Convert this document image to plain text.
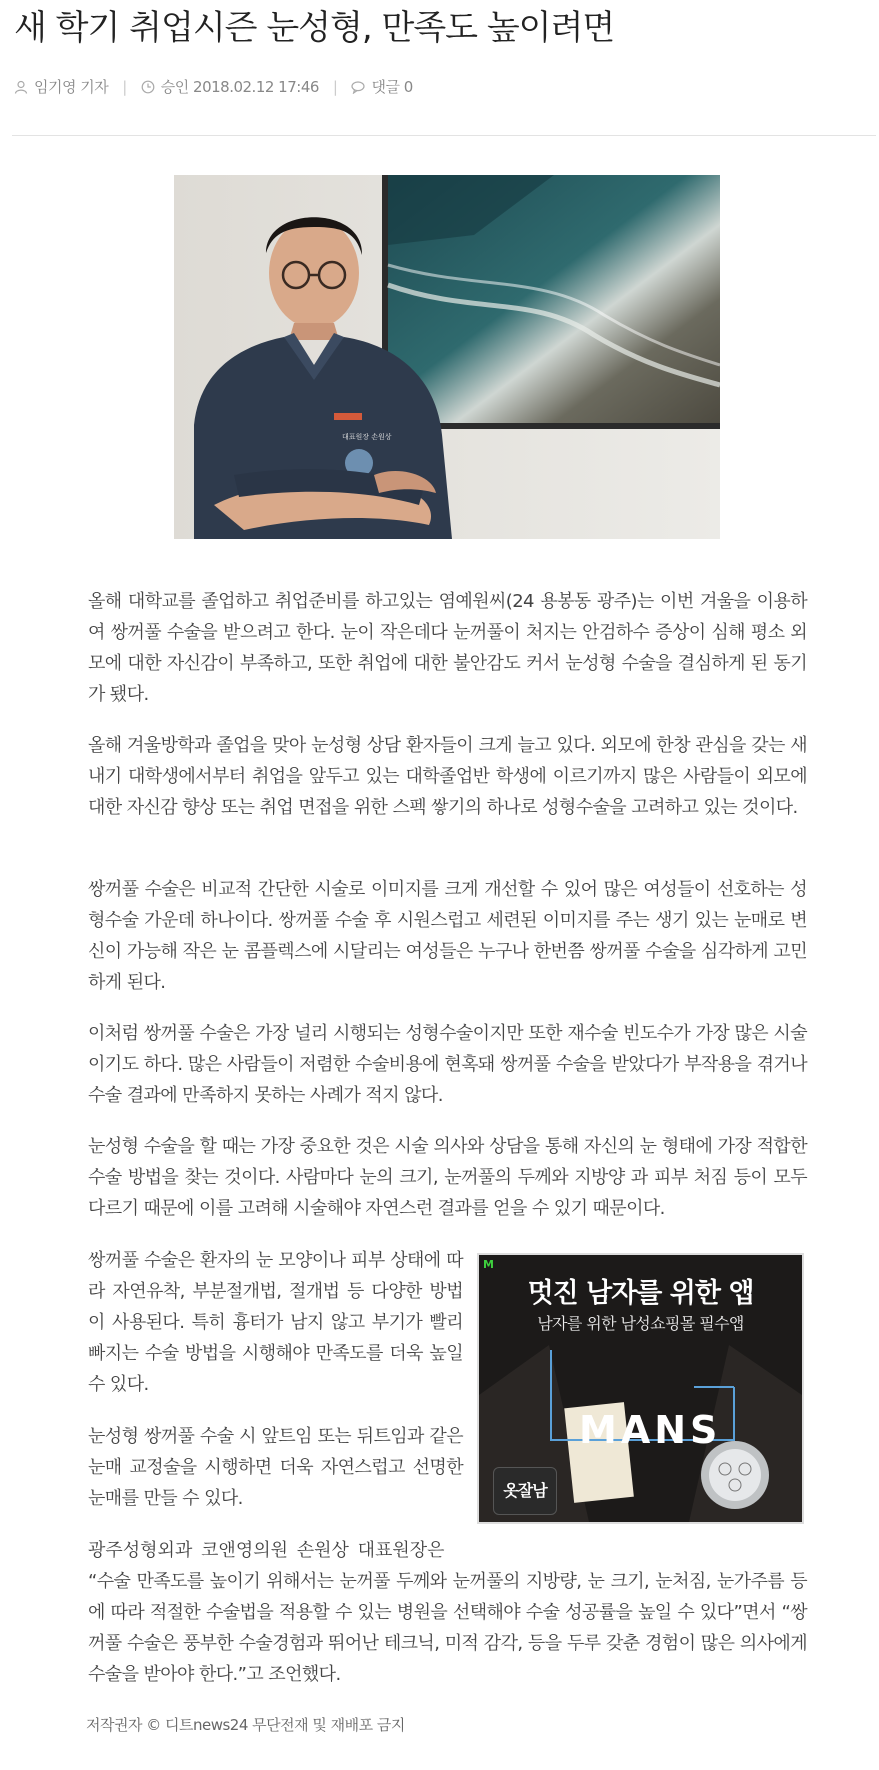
새 학기 취업시즌 눈성형, 만족도 높이려면
임기영 기자 | 승인 2018.02.12 17:46 | 댓글 0
대표원장 손원상

올해 대학교를 졸업하고 취업준비를 하고있는 염예원씨(24 용봉동 광주)는 이번 겨울을 이용하여 쌍꺼풀 수술을 받으려고 한다. 눈이 작은데다 눈꺼풀이 처지는 안검하수 증상이 심해 평소 외모에 대한 자신감이 부족하고, 또한 취업에 대한 불안감도 커서 눈성형 수술을 결심하게 된 동기가 됐다.

올해 겨울방학과 졸업을 맞아 눈성형 상담 환자들이 크게 늘고 있다. 외모에 한창 관심을 갖는 새내기 대학생에서부터 취업을 앞두고 있는 대학졸업반 학생에 이르기까지 많은 사람들이 외모에 대한 자신감 향상 또는 취업 면접을 위한 스펙 쌓기의 하나로 성형수술을 고려하고 있는 것이다.

쌍꺼풀 수술은 비교적 간단한 시술로 이미지를 크게 개선할 수 있어 많은 여성들이 선호하는 성형수술 가운데 하나이다. 쌍꺼풀 수술 후 시원스럽고 세련된 이미지를 주는 생기 있는 눈매로 변신이 가능해 작은 눈 콤플렉스에 시달리는 여성들은 누구나 한번쯤 쌍꺼풀 수술을 심각하게 고민하게 된다.

이처럼 쌍꺼풀 수술은 가장 널리 시행되는 성형수술이지만 또한 재수술 빈도수가 가장 많은 시술이기도 하다. 많은 사람들이 저렴한 수술비용에 현혹돼 쌍꺼풀 수술을 받았다가 부작용을 겪거나 수술 결과에 만족하지 못하는 사례가 적지 않다.

눈성형 수술을 할 때는 가장 중요한 것은 시술 의사와 상담을 통해 자신의 눈 형태에 가장 적합한 수술 방법을 찾는 것이다. 사람마다 눈의 크기, 눈꺼풀의 두께와 지방양 과 피부 처짐 등이 모두 다르기 때문에 이를 고려해 시술해야 자연스런 결과를 얻을 수 있기 때문이다.

쌍꺼풀 수술은 환자의 눈 모양이나 피부 상태에 따라 자연유착, 부분절개법, 절개법 등 다양한 방법이 사용된다. 특히 흉터가 남지 않고 부기가 빨리 빠지는 수술 방법을 시행해야 만족도를 더욱 높일 수 있다.

눈성형 쌍꺼풀 수술 시 앞트임 또는 뒤트임과 같은 눈매 교정술을 시행하면 더욱 자연스럽고 선명한 눈매를 만들 수 있다.

M
멋진 남자를 위한 앱
남자를 위한 남성쇼핑몰 필수앱
MANS
옷잘남

광주성형외과 코앤영의원 손원상 대표원장은

“수술 만족도를 높이기 위해서는 눈꺼풀 두께와 눈꺼풀의 지방량, 눈 크기, 눈처짐, 눈가주름 등에 따라 적절한 수술법을 적용할 수 있는 병원을 선택해야 수술 성공률을 높일 수 있다”면서 “쌍꺼풀 수술은 풍부한 수술경험과 뛰어난 테크닉, 미적 감각, 등을 두루 갖춘 경험이 많은 의사에게 수술을 받아야 한다.”고 조언했다.

저작권자 © 디트news24 무단전재 및 재배포 금지
